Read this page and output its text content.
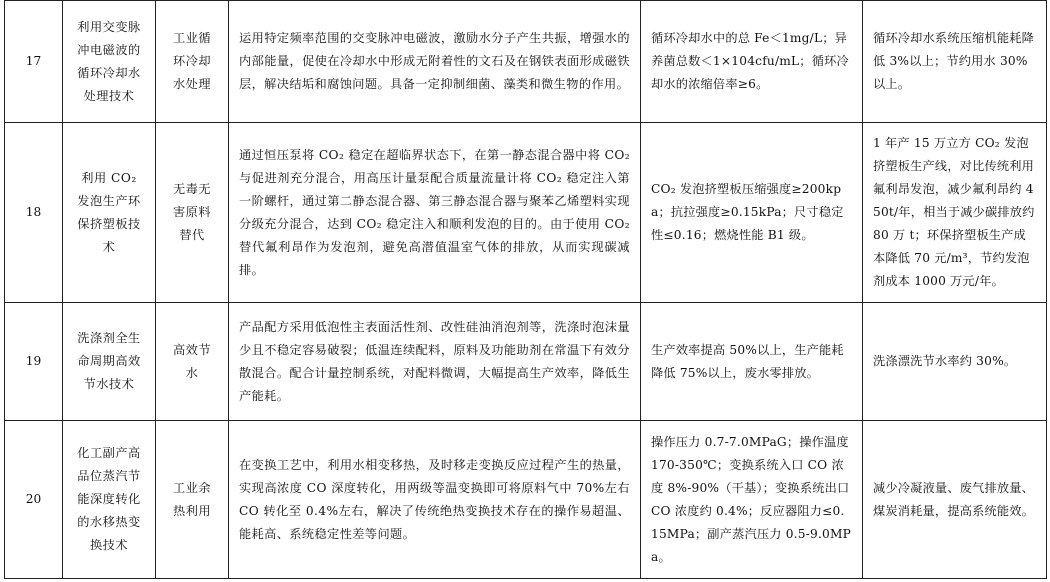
17	利用交变脉冲电磁波的循环冷却水处理技术	工业循环冷却水处理	运用特定频率范围的交变脉冲电磁波，激励水分子产生共振，增强水的内部能量，促使在冷却水中形成无附着性的文石及在钢铁表面形成磁铁层，解决结垢和腐蚀问题。具备一定抑制细菌、藻类和微生物的作用。	循环冷却水中的总 Fe＜1mg/L；异养菌总数＜1×104cfu/mL；循环冷却水的浓缩倍率≥6。	循环冷却水系统压缩机能耗降低 3%以上；节约用水 30%以上。
18	利用 CO₂ 发泡生产环保挤塑板技术	无毒无害原料替代	通过恒压泵将 CO₂ 稳定在超临界状态下，在第一静态混合器中将 CO₂ 与促进剂充分混合，用高压计量泵配合质量流量计将 CO₂ 稳定注入第一阶螺杆，通过第二静态混合器、第三静态混合器与聚苯乙烯塑料实现分级充分混合，达到 CO₂ 稳定注入和顺利发泡的目的。由于使用 CO₂ 替代氟利昂作为发泡剂，避免高潜值温室气体的排放，从而实现碳减排。	CO₂ 发泡挤塑板压缩强度≥200kpa；抗拉强度≥0.15kPa；尺寸稳定性≤0.16；燃烧性能 B1 级。	1 年产 15 万立方 CO₂ 发泡挤塑板生产线，对比传统利用氟利昂发泡，减少氟利昂约 450t/年，相当于减少碳排放约 80 万 t；环保挤塑板生产成本降低 70 元/m³，节约发泡剂成本 1000 万元/年。
19	洗涤剂全生命周期高效节水技术	高效节水	产品配方采用低泡性主表面活性剂、改性硅油消泡剂等，洗涤时泡沫量少且不稳定容易破裂；低温连续配料，原料及功能助剂在常温下有效分散混合。配合计量控制系统，对配料微调，大幅提高生产效率，降低生产能耗。	生产效率提高 50%以上，生产能耗降低 75%以上，废水零排放。	洗涤漂洗节水率约 30%。
20	化工副产高品位蒸汽节能深度转化的水移热变换技术	工业余热利用	在变换工艺中，利用水相变移热，及时移走变换反应过程产生的热量，实现高浓度 CO 深度转化，用两级等温变换即可将原料气中 70%左右 CO 转化至 0.4%左右，解决了传统绝热变换技术存在的操作易超温、能耗高、系统稳定性差等问题。	操作压力 0.7-7.0MPaG；操作温度 170-350℃；变换系统入口 CO 浓度 8%-90%（干基）；变换系统出口 CO 浓度约 0.4%；反应器阻力≤0.15MPa；副产蒸汽压力 0.5-9.0MPa。	减少冷凝液量、废气排放量、煤炭消耗量，提高系统能效。
